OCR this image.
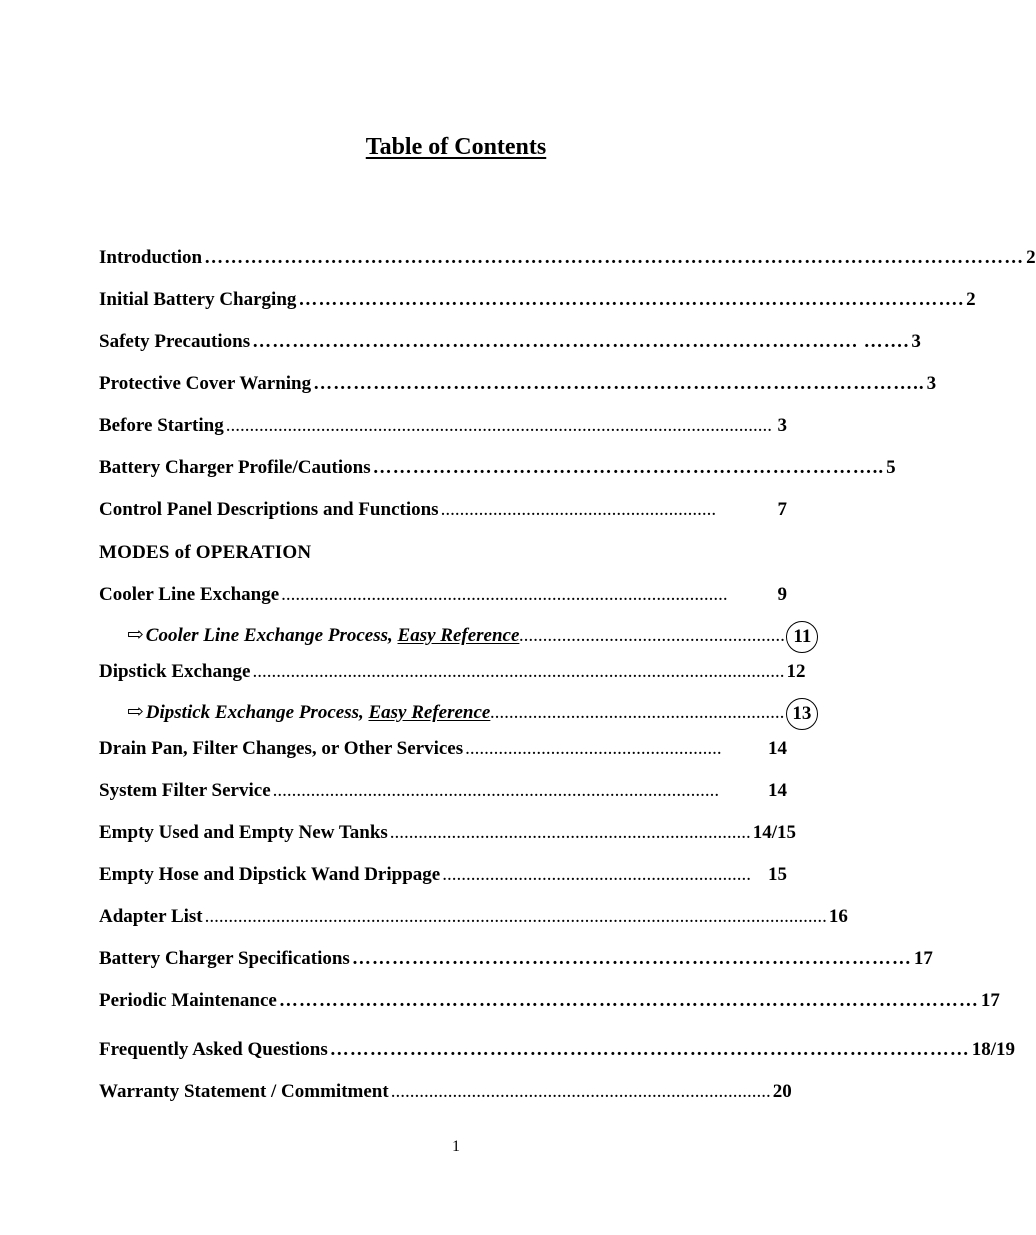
Table of Contents
Introduction …………………………………………………………………………………………………………… 2
Initial Battery Charging ………………………………………………………………………………………. 2
Safety Precautions ………………………………………………………………………………. ……. 3
Protective Cover Warning ……………………………………………………………………………….. 3
Before Starting ................................................................................................................... 3
Battery Charger Profile/Cautions ………………………………………………………………….. 5
Control Panel Descriptions and Functions ..........................................................	7
MODES of OPERATION
Cooler Line Exchange ..............................................................................................	9
⇨ Cooler Line Exchange Process, Easy Reference ........................................................ 11
Dipstick Exchange ................................................................................................................ 12
⇨ Dipstick Exchange Process, Easy Reference .............................................................. 13
Drain Pan, Filter Changes, or Other Services ......................................................	14
System Filter Service ..............................................................................................	14
Empty Used and Empty New Tanks ............................................................................ 14/15
Empty Hose and Dipstick Wand Drippage ................................................................. 15
Adapter List ................................................................................................................................... 16
Battery Charger Specifications ………………………………………………………………………… 17
Periodic Maintenance …………………………………………………………………………………………… 17
Frequently Asked Questions …………………………………………………………………………………… 18/19
Warranty Statement / Commitment ................................................................................ 20
1
